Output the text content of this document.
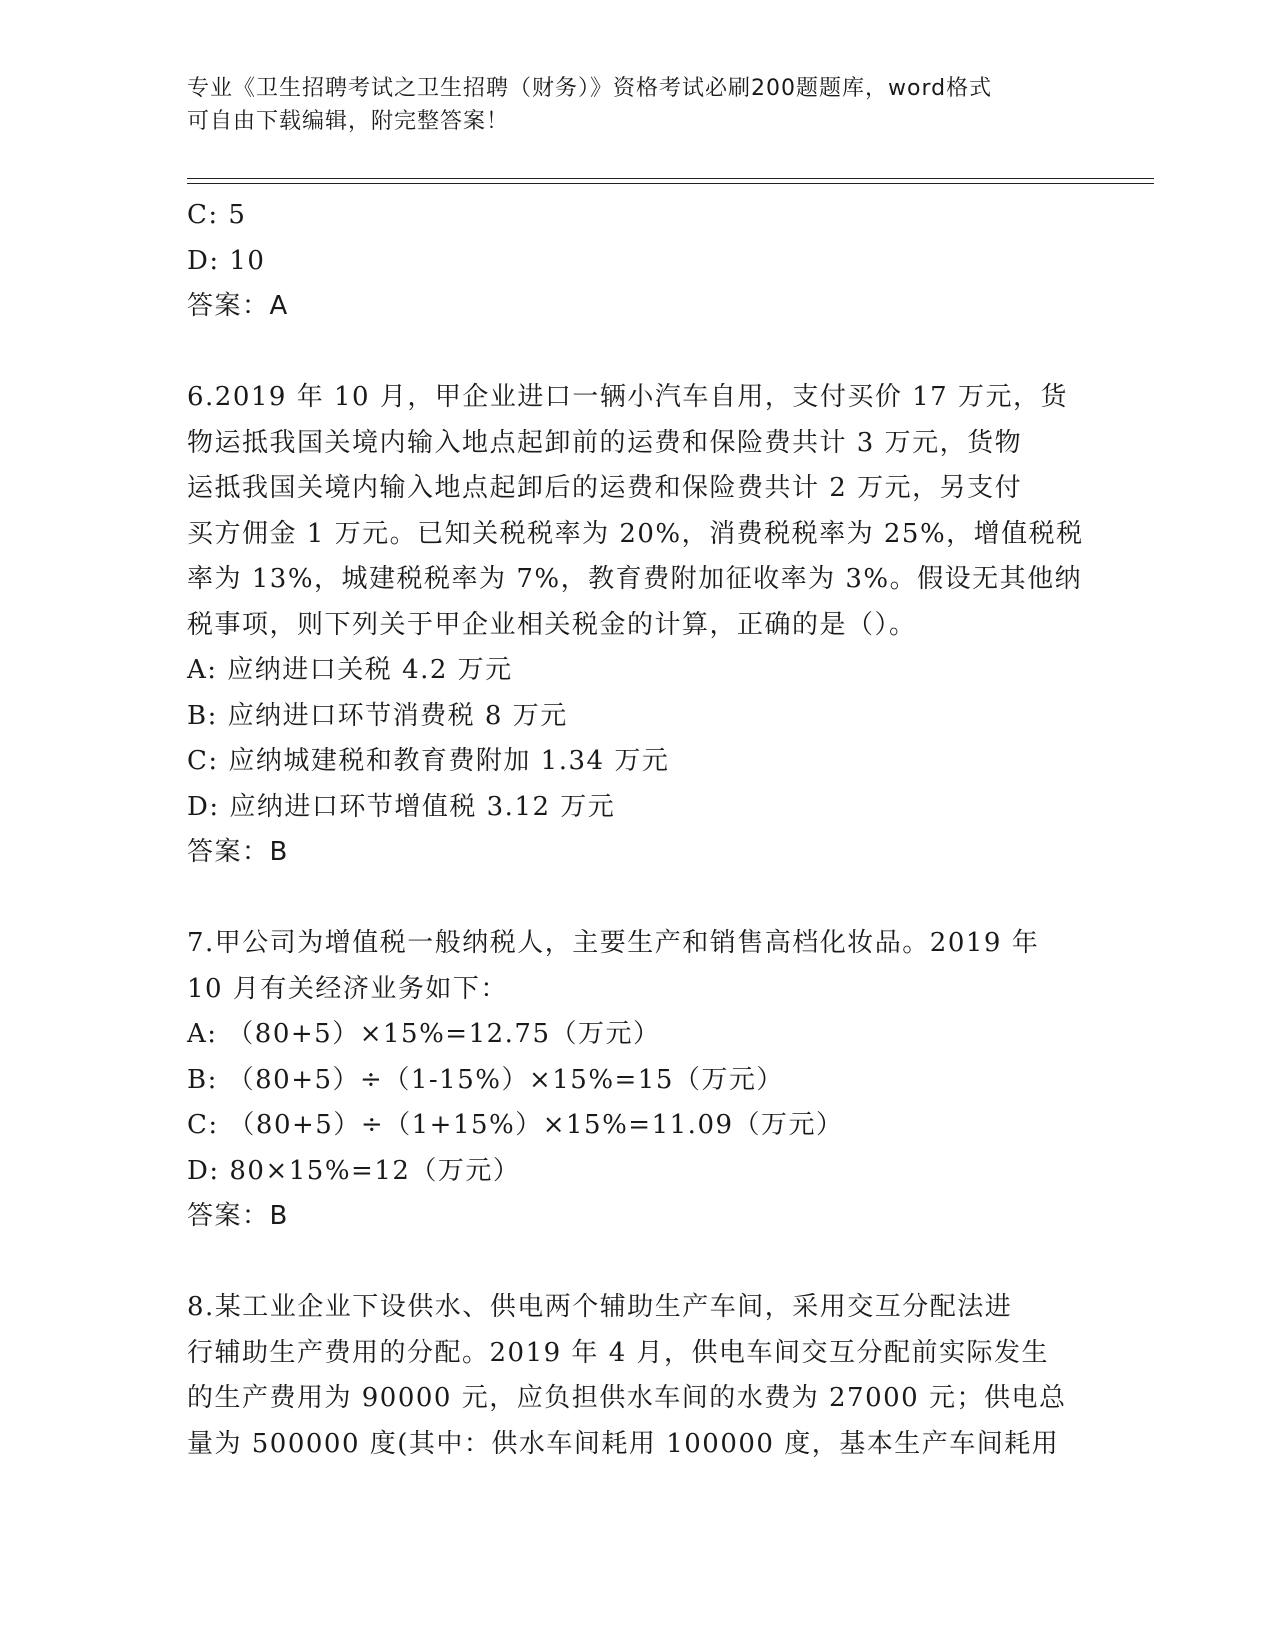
专业《卫生招聘考试之卫生招聘（财务）》资格考试必刷200题题库，word格式
可自由下载编辑，附完整答案！
C: 5
D: 10
答案：A
6.2019 年 10 月，甲企业进口一辆小汽车自用，支付买价 17 万元，货
物运抵我国关境内输入地点起卸前的运费和保险费共计 3 万元，货物
运抵我国关境内输入地点起卸后的运费和保险费共计 2 万元，另支付
买方佣金 1 万元。已知关税税率为 20%，消费税税率为 25%，增值税税
率为 13%，城建税税率为 7%，教育费附加征收率为 3%。假设无其他纳
税事项，则下列关于甲企业相关税金的计算，正确的是（）。
A: 应纳进口关税 4.2 万元
B: 应纳进口环节消费税 8 万元
C: 应纳城建税和教育费附加 1.34 万元
D: 应纳进口环节增值税 3.12 万元
答案：B
7.甲公司为增值税一般纳税人，主要生产和销售高档化妆品。2019 年
10 月有关经济业务如下：
A: （80+5）×15%=12.75（万元）
B: （80+5）÷（1-15%）×15%=15（万元）
C: （80+5）÷（1+15%）×15%=11.09（万元）
D: 80×15%=12（万元）
答案：B
8.某工业企业下设供水、供电两个辅助生产车间，采用交互分配法进
行辅助生产费用的分配。2019 年 4 月，供电车间交互分配前实际发生
的生产费用为 90000 元，应负担供水车间的水费为 27000 元；供电总
量为 500000 度(其中：供水车间耗用 100000 度，基本生产车间耗用
